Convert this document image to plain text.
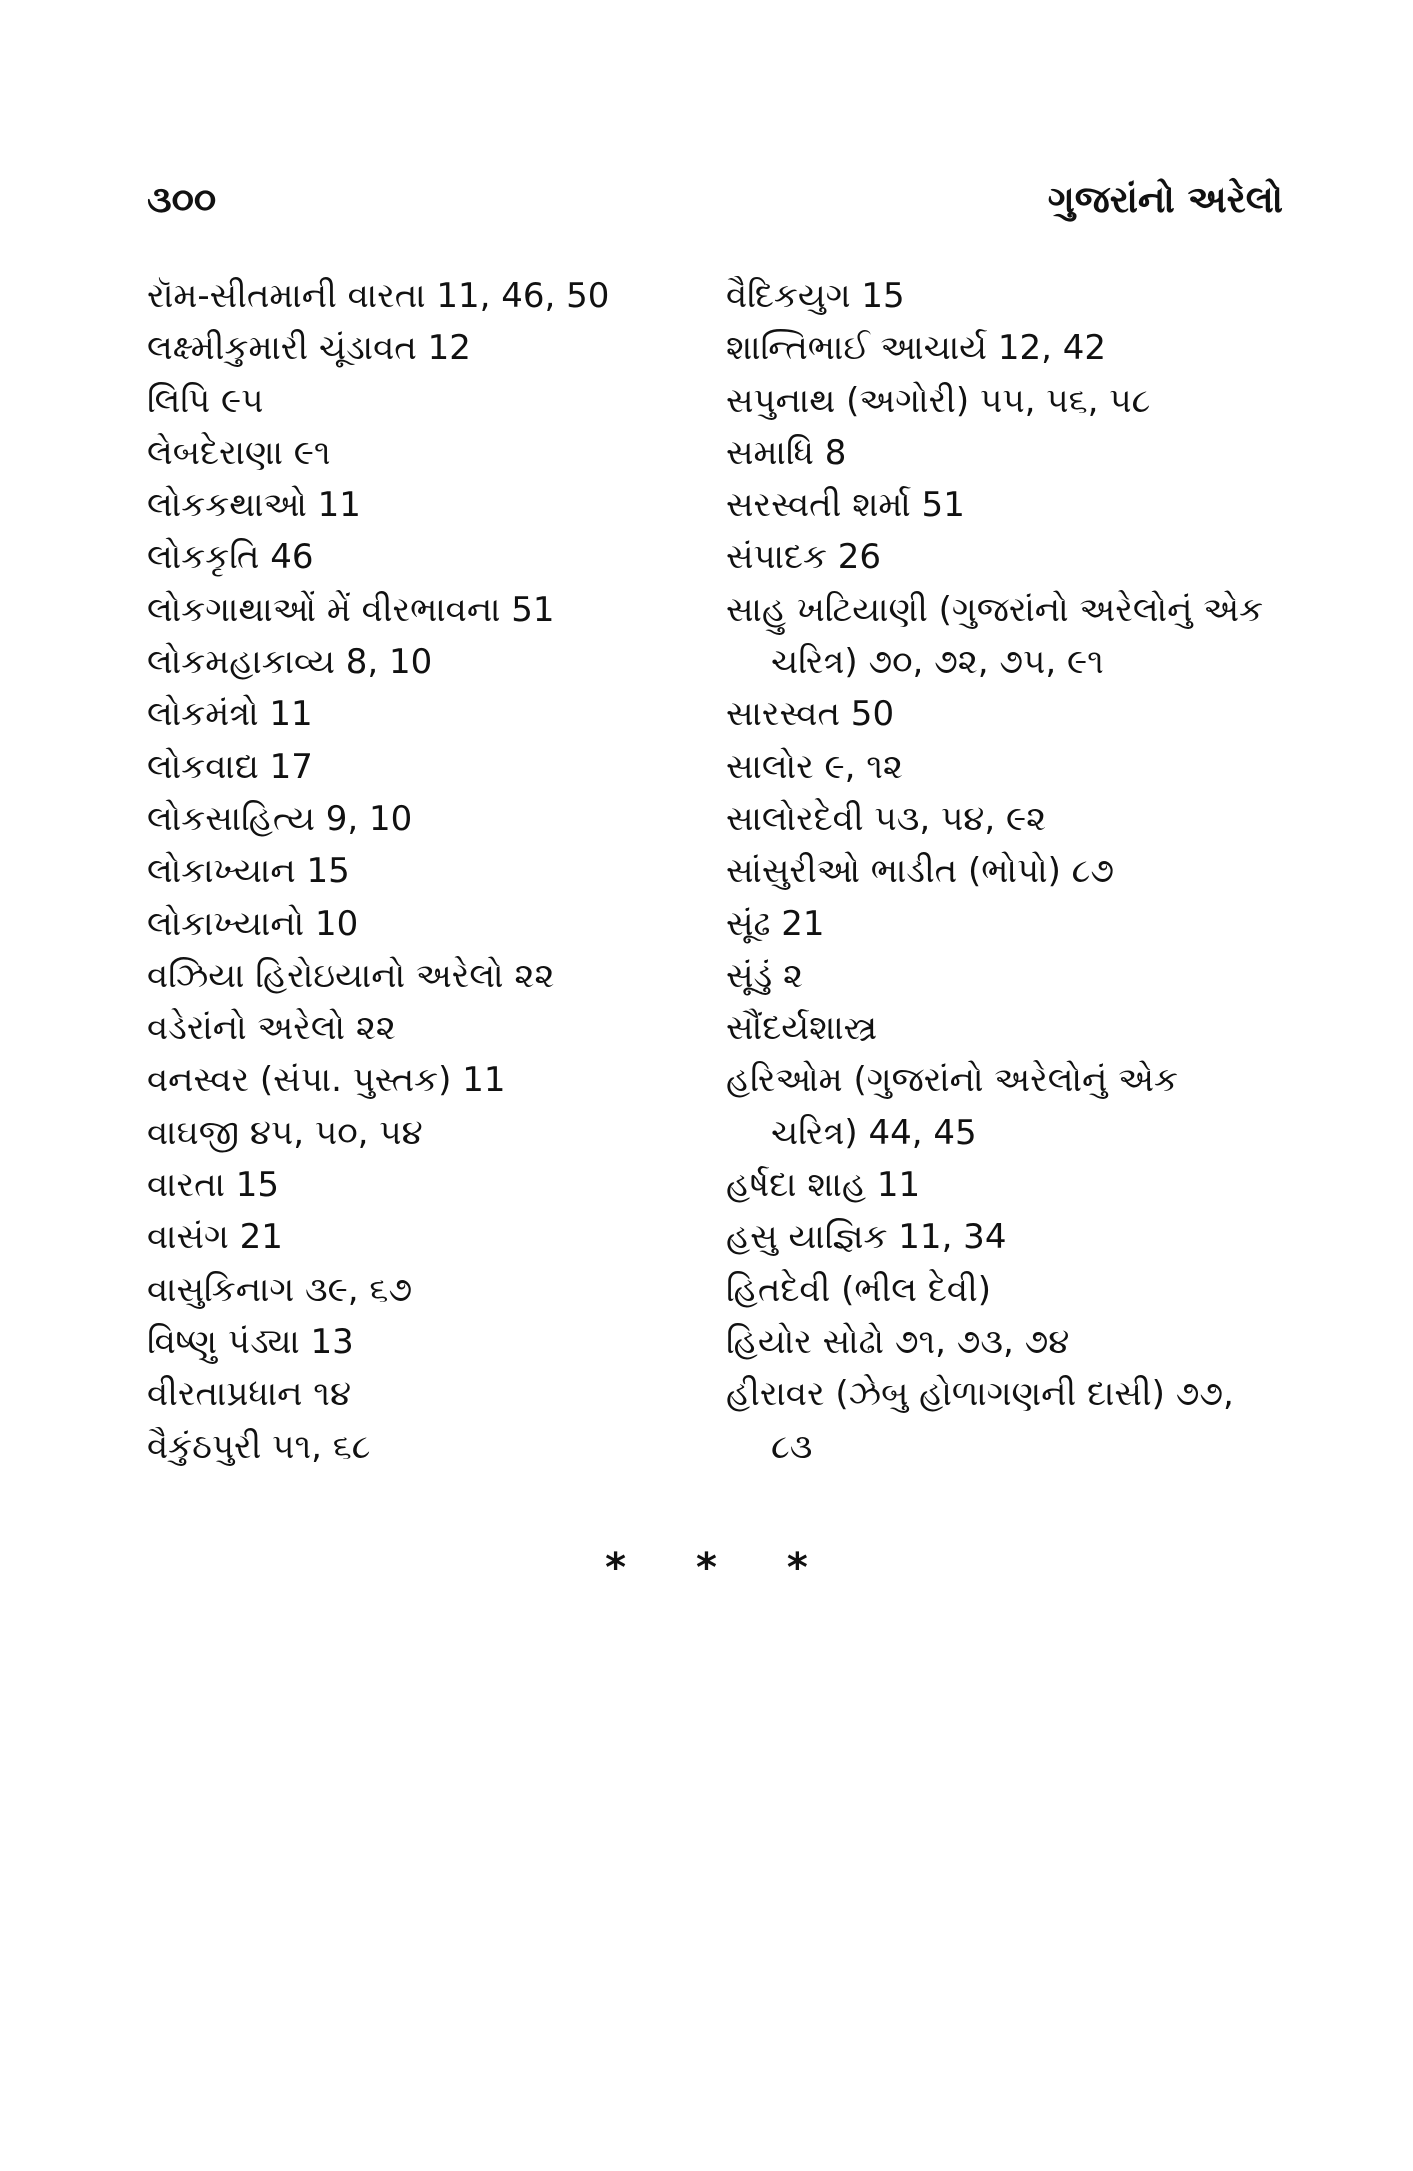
૩૦૦	ગુજરાંનો અરેલો
રૉમ-સીતમાની વારતા 11, 46, 50
લક્ષ્મીકુમારી ચૂંડાવત 12
લિપિ ૯૫
લેબદેરાણા ૯૧
લોકકથાઓ 11
લોકકૃતિ 46
લોકગાથાઓં મેં વીરભાવના 51
લોકમહાકાવ્ય 8, 10
લોકમંત્રો 11
લોકવાદ્ય 17
લોકસાહિત્ય 9, 10
લોકાખ્યાન 15
લોકાખ્યાનો 10
વઝિયા હિરોઇયાનો અરેલો ૨૨
વડેરાંનો અરેલો ૨૨
વનસ્વર (સંપા. પુસ્તક) 11
વાઘજી ૪૫, ૫૦, ૫૪
વારતા 15
વાસંગ 21
વાસુકિનાગ ૩૯, ૬૭
વિષ્ણુ પંડ્યા 13
વીરતાપ્રધાન ૧૪
વૈકુંઠપુરી ૫૧, ૬૮
વૈદિકયુગ 15
શાન્તિભાઈ આચાર્ય 12, 42
સપુનાથ (અગોરી) ૫૫, ૫૬, ૫૮
સમાધિ 8
સરસ્વતી શર્મા 51
સંપાદક 26
સાહુ ખટિયાણી (ગુજરાંનો અરેલોનું એક
ચરિત્ર) ૭૦, ૭૨, ૭૫, ૯૧
સારસ્વત 50
સાલોર ૯, ૧૨
સાલોરદેવી ૫૩, ૫૪, ૯૨
સાંસુરીઓ ભાડીત (ભોપો) ૮૭
સૂંઢ 21
સૂંડું ૨
સૌંદર્યશાસ્ત્ર
હરિઓમ (ગુજરાંનો અરેલોનું એક
ચરિત્ર) 44, 45
હર્ષદા શાહ 11
હસુ યાજ્ઞિક 11, 34
હિતદેવી (ભીલ દેવી)
હિયોર સોઢો ૭૧, ૭૩, ૭૪
હીરાવર (ઝેબુ હોળાગણની દાસી) ૭૭,
૮૩
* * *
